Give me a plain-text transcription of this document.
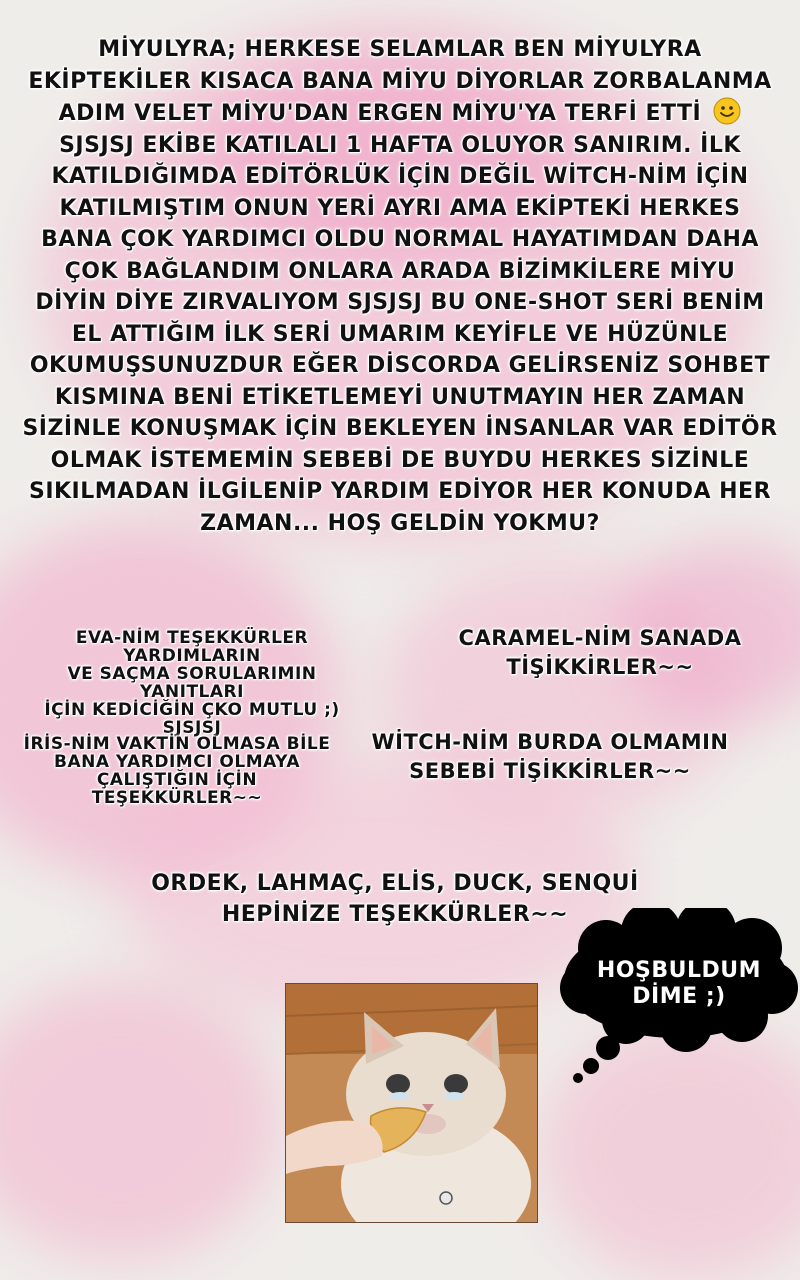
MİYULYRA; HERKESE SELAMLAR BEN MİYULYRA
EKİPTEKİLER KISACA BANA MİYU DİYORLAR ZORBALANMA
ADIM VELET MİYU'DAN ERGEN MİYU'YA TERFİ ETTİ
SJSJSJ EKİBE KATILALI 1 HAFTA OLUYOR SANIRIM. İLK
KATILDIĞIMDA EDİTÖRLÜK İÇİN DEĞİL WİTCH-NİM İÇİN
KATILMIŞTIM ONUN YERİ AYRI AMA EKİPTEKİ HERKES
BANA ÇOK YARDIMCI OLDU NORMAL HAYATIMDAN DAHA
ÇOK BAĞLANDIM ONLARA ARADA BİZİMKİLERE MİYU
DİYİN DİYE ZIRVALIYOM SJSJSJ BU ONE-SHOT SERİ BENİM
EL ATTIĞIM İLK SERİ UMARIM KEYİFLE VE HÜZÜNLE
OKUMUŞSUNUZDUR EĞER DİSCORDA GELİRSENİZ SOHBET
KISMINA BENİ ETİKETLEMEYİ UNUTMAYIN HER ZAMAN
SİZİNLE KONUŞMAK İÇİN BEKLEYEN İNSANLAR VAR EDİTÖR
OLMAK İSTEMEMİN SEBEBİ DE BUYDU HERKES SİZİNLE
SIKILMADAN İLGİLENİP YARDIM EDİYOR HER KONUDA HER
ZAMAN... HOŞ GELDİN YOKMU?
EVA-NİM TEŞEKKÜRLER YARDIMLARIN
VE SAÇMA SORULARIMIN YANITLARI
İÇİN KEDİCİĞİN ÇKO MUTLU ;) SJSJSJ
CARAMEL-NİM SANADA
TİŞİKKİRLER~~
İRİS-NİM VAKTİN OLMASA BİLE
BANA YARDIMCI OLMAYA
ÇALIŞTIĞIN İÇİN TEŞEKKÜRLER~~
WİTCH-NİM BURDA OLMAMIN
SEBEBİ TİŞİKKİRLER~~
ORDEK, LAHMAÇ, ELİS, DUCK, SENQUİ
HEPİNİZE TEŞEKKÜRLER~~
HOŞBULDUM
DİME ;)
